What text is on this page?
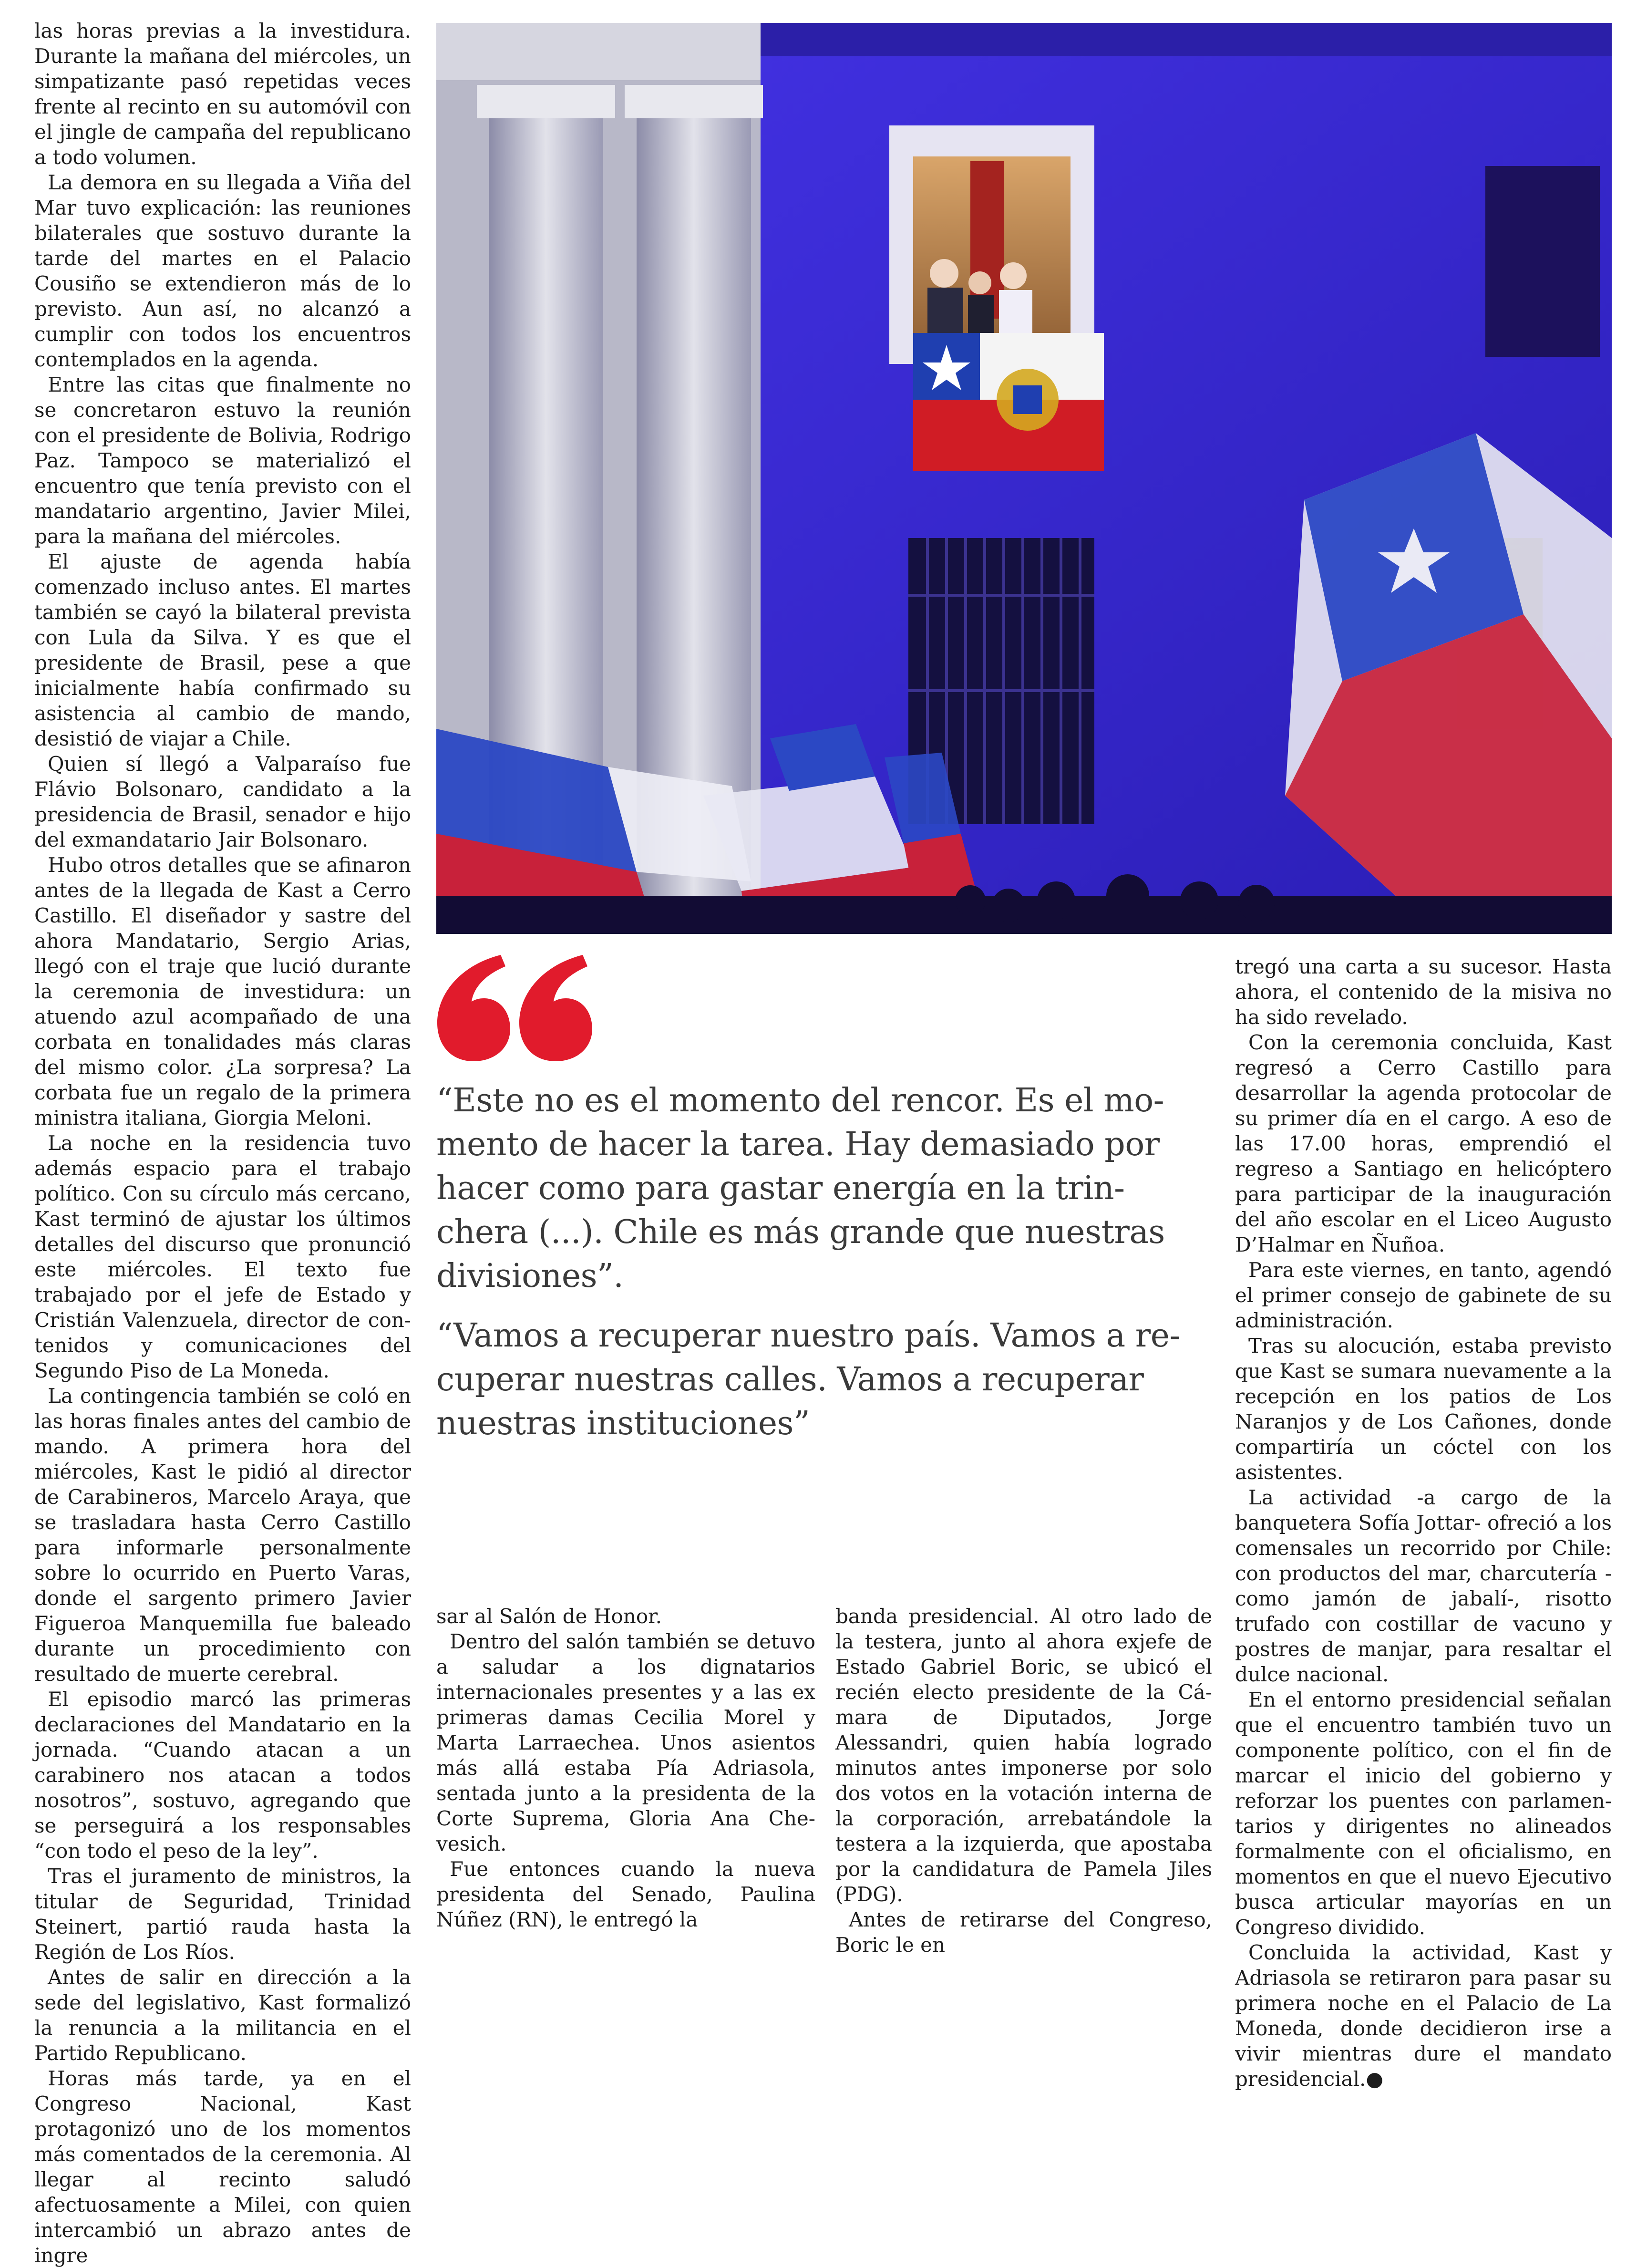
las horas previas a la investidura. Durante la mañana del miércoles, un simpatizante pasó repetidas veces frente al recinto en su automóvil con el jingle de campaña del republicano a todo volumen.

La demora en su llegada a Viña del Mar tuvo explicación: las reuniones bilaterales que sostuvo durante la tarde del martes en el Palacio Cousiño se extendieron más de lo previsto. Aun así, no alcanzó a cumplir con todos los encuentros contemplados en la agenda.

Entre las citas que finalmente no se concretaron estuvo la reunión con el presidente de Bolivia, Rodrigo Paz. Tampoco se materializó el encuentro que tenía previsto con el mandatario argentino, Javier Milei, para la mañana del miércoles.

El ajuste de agenda había comenzado incluso antes. El martes también se cayó la bilateral prevista con Lula da Silva. Y es que el presidente de Brasil, pese a que inicialmente había confirmado su asistencia al cambio de mando, desistió de viajar a Chile.

Quien sí llegó a Valparaíso fue Flávio Bolsonaro, candidato a la presidencia de Brasil, senador e hijo del exmandatario Jair Bolsonaro.

Hubo otros detalles que se afinaron antes de la llegada de Kast a Cerro Castillo. El diseñador y sastre del ahora Mandatario, Sergio Arias, llegó con el traje que lució durante la ceremonia de investidura: un atuendo azul acompañado de una corbata en tonalidades más claras del mismo color. ¿La sorpresa? La corbata fue un regalo de la primera ministra italiana, Giorgia Meloni.

La noche en la residencia tuvo además espacio para el trabajo político. Con su círculo más cercano, Kast terminó de ajustar los últimos detalles del discurso que pronunció este miércoles. El texto fue trabajado por el jefe de Estado y Cristián Valenzuela, director de contenidos y comunicaciones del Segundo Piso de La Moneda.

La contingencia también se coló en las horas finales antes del cambio de mando. A primera hora del miércoles, Kast le pidió al director de Carabineros, Marcelo Araya, que se trasladara hasta Cerro Castillo para informarle personalmente sobre lo ocurrido en Puerto Varas, donde el sargento primero Javier Figueroa Manquemilla fue baleado durante un procedimiento con resultado de muerte cerebral.

El episodio marcó las primeras declaraciones del Mandatario en la jornada. “Cuando atacan a un carabinero nos atacan a todos nosotros”, sostuvo, agregando que se perseguirá a los responsables “con todo el peso de la ley”.

Tras el juramento de ministros, la titular de Seguridad, Trinidad Steinert, partió rauda hasta la Región de Los Ríos.

Antes de salir en dirección a la sede del legislativo, Kast formalizó la renuncia a la militancia en el Partido Republicano.

Horas más tarde, ya en el Congreso Nacional, Kast protagonizó uno de los momentos más comentados de la ceremonia. Al llegar al recinto saludó afectuosamente a Milei, con quien intercambió un abrazo antes de ingre

“Este no es el momento del rencor. Es el mo-
mento de hacer la tarea. Hay demasiado por
hacer como para gastar energía en la trin-
chera (...). Chile es más grande que nuestras
divisiones”.
“Vamos a recuperar nuestro país. Vamos a re-
cuperar nuestras calles. Vamos a recuperar
nuestras instituciones”

sar al Salón de Honor.

Dentro del salón también se detuvo a saludar a los dignatarios internacionales presentes y a las ex primeras damas Cecilia Morel y Marta Larraechea. Unos asientos más allá estaba Pía Adriasola, sentada junto a la presidenta de la Corte Suprema, Gloria Ana Chevesich.

Fue entonces cuando la nueva presidenta del Senado, Paulina Núñez (RN), le entregó la

banda presidencial. Al otro lado de la testera, junto al ahora exjefe de Estado Gabriel Boric, se ubicó el recién electo presidente de la Cámara de Diputados, Jorge Alessandri, quien había logrado minutos antes imponerse por solo dos votos en la votación interna de la corporación, arrebatándole la testera a la izquierda, que apostaba por la candidatura de Pamela Jiles (PDG).

Antes de retirarse del Congreso, Boric le en

tregó una carta a su sucesor. Hasta ahora, el contenido de la misiva no ha sido revelado.

Con la ceremonia concluida, Kast regresó a Cerro Castillo para desarrollar la agenda protocolar de su primer día en el cargo. A eso de las 17.00 horas, emprendió el regreso a Santiago en helicóptero para participar de la inauguración del año escolar en el Liceo Augusto D’Halmar en Ñuñoa.

Para este viernes, en tanto, agendó el primer consejo de gabinete de su administración.

Tras su alocución, estaba previsto que Kast se sumara nuevamente a la recepción en los patios de Los Naranjos y de Los Cañones, donde compartiría un cóctel con los asistentes.

La actividad -a cargo de la banquetera Sofía Jottar- ofreció a los comensales un recorrido por Chile: con productos del mar, charcutería -como jamón de jabalí-, risotto trufado con costillar de vacuno y postres de manjar, para resaltar el dulce nacional.

En el entorno presidencial señalan que el encuentro también tuvo un componente político, con el fin de marcar el inicio del gobierno y reforzar los puentes con parlamentarios y dirigentes no alineados formalmente con el oficialismo, en momentos en que el nuevo Ejecutivo busca articular mayorías en un Congreso dividido.

Concluida la actividad, Kast y Adriasola se retiraron para pasar su primera noche en el Palacio de La Moneda, donde decidieron irse a vivir mientras dure el mandato presidencial.●
